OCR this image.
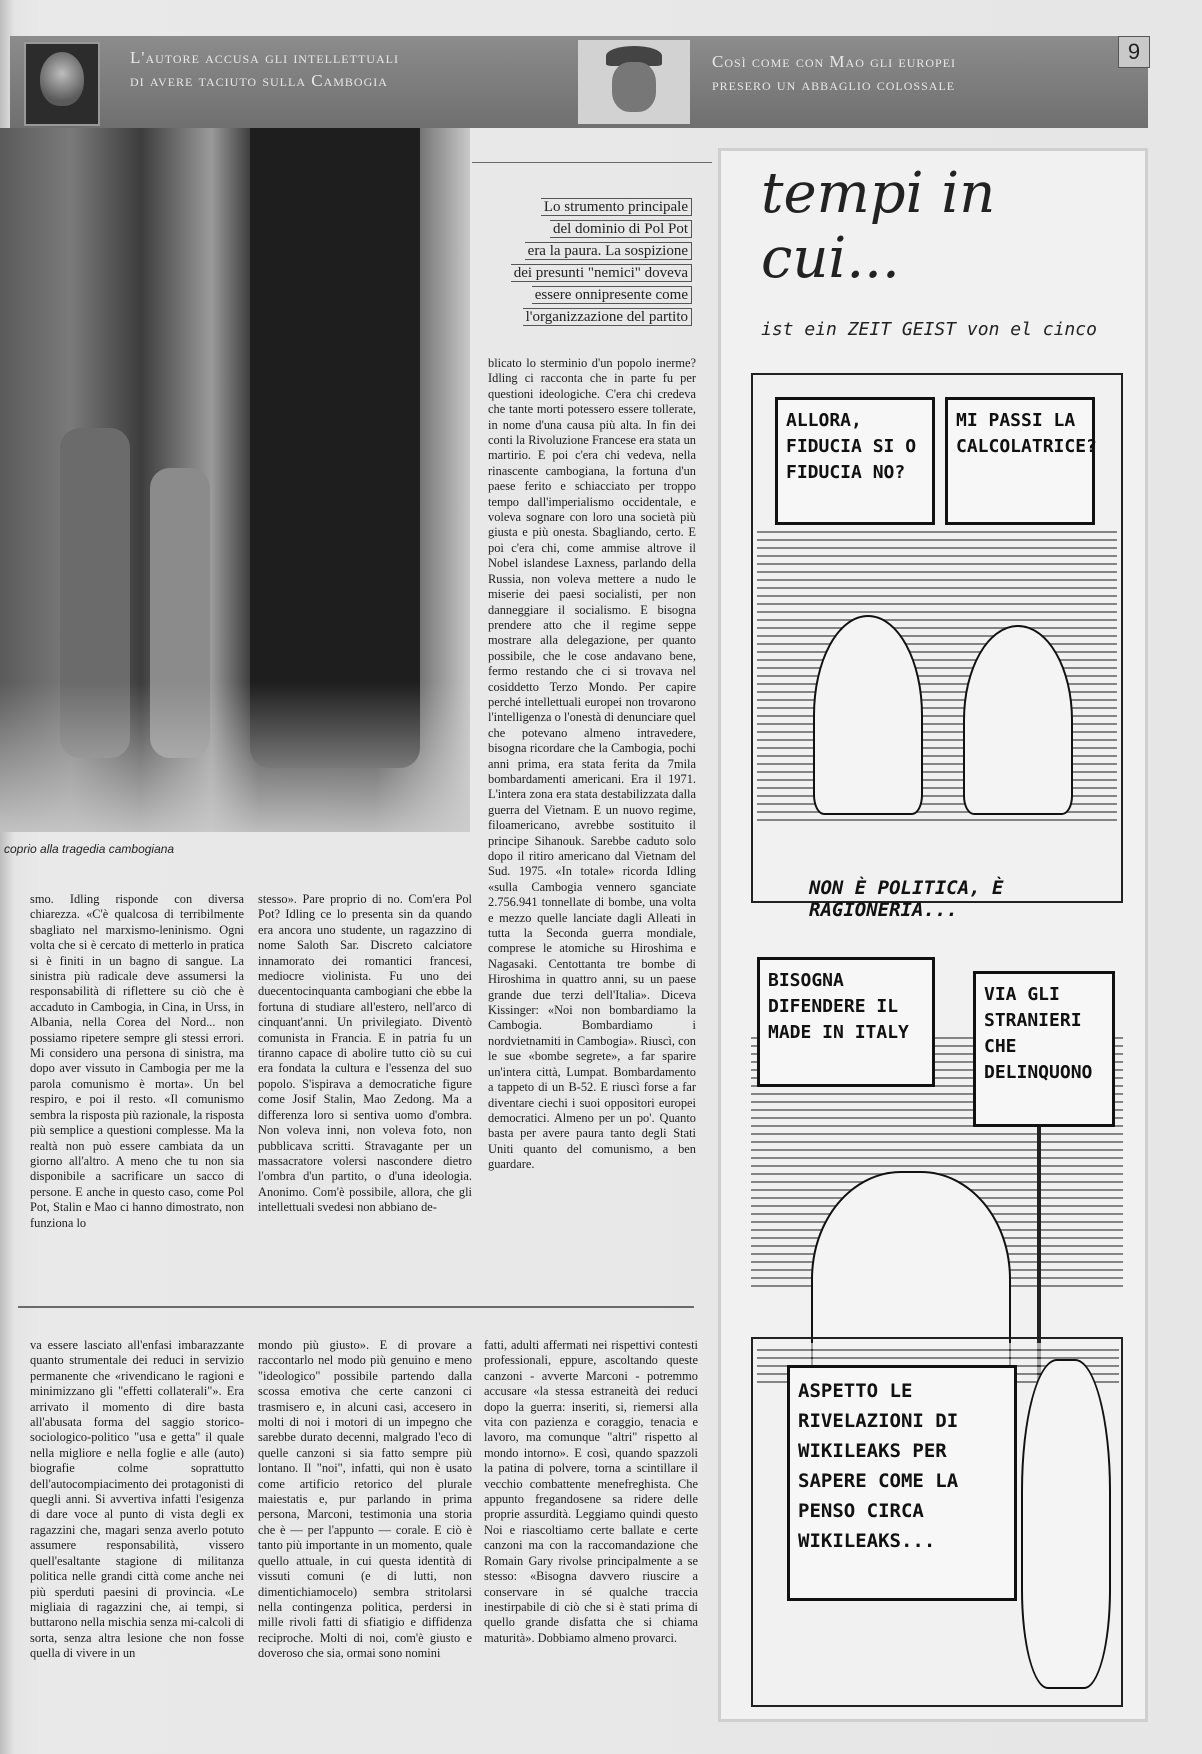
L'autore accusa gli intellettuali
di avere taciuto sulla Cambogia
Così come con Mao gli europei
presero un abbaglio colossale
9
coprio alla tragedia cambogiana
Lo strumento principale
del dominio di Pol Pot
era la paura. La sospizione
dei presunti "nemici" doveva
essere onnipresente come
l'organizzazione del partito
blicato lo sterminio d'un popolo inerme? Idling ci racconta che in parte fu per questioni ideologiche. C'era chi credeva che tante morti potessero essere tollerate, in nome d'una causa più alta. In fin dei conti la Rivoluzione Francese era stata un martirio. E poi c'era chi vedeva, nella rinascente cambogiana, la fortuna d'un paese ferito e schiacciato per troppo tempo dall'imperialismo occidentale, e voleva sognare con loro una società più giusta e più onesta. Sbagliando, certo. E poi c'era chi, come ammise altrove il Nobel islandese Laxness, parlando della Russia, non voleva mettere a nudo le miserie dei paesi socialisti, per non danneggiare il socialismo. E bisogna prendere atto che il regime seppe mostrare alla delegazione, per quanto possibile, che le cose andavano bene, fermo restando che ci si trovava nel cosiddetto Terzo Mondo. Per capire perché intellettuali europei non trovarono l'intelligenza o l'onestà di denunciare quel che potevano almeno intravedere, bisogna ricordare che la Cambogia, pochi anni prima, era stata ferita da 7mila bombardamenti americani. Era il 1971. L'intera zona era stata destabilizzata dalla guerra del Vietnam. E un nuovo regime, filoamericano, avrebbe sostituito il principe Sihanouk. Sarebbe caduto solo dopo il ritiro americano dal Vietnam del Sud. 1975. «In totale» ricorda Idling «sulla Cambogia vennero sganciate 2.756.941 tonnellate di bombe, una volta e mezzo quelle lanciate dagli Alleati in tutta la Seconda guerra mondiale, comprese le atomiche su Hiroshima e Nagasaki. Centottanta tre bombe di Hiroshima in quattro anni, su un paese grande due terzi dell'Italia». Diceva Kissinger: «Noi non bombardiamo la Cambogia. Bombardiamo i nordvietnamiti in Cambogia». Riuscì, con le sue «bombe segrete», a far sparire un'intera città, Lumpat. Bombardamento a tappeto di un B-52. E riuscì forse a far diventare ciechi i suoi oppositori europei democratici. Almeno per un po'. Quanto basta per avere paura tanto degli Stati Uniti quanto del comunismo, a ben guardare.
smo. Idling risponde con diversa chiarezza. «C'è qualcosa di terribilmente sbagliato nel marxismo-leninismo. Ogni volta che si è cercato di metterlo in pratica si è finiti in un bagno di sangue. La sinistra più radicale deve assumersi la responsabilità di riflettere su ciò che è accaduto in Cambogia, in Cina, in Urss, in Albania, nella Corea del Nord... non possiamo ripetere sempre gli stessi errori. Mi considero una persona di sinistra, ma dopo aver vissuto in Cambogia per me la parola comunismo è morta». Un bel respiro, e poi il resto. «Il comunismo sembra la risposta più razionale, la risposta più semplice a questioni complesse. Ma la realtà non può essere cambiata da un giorno all'altro. A meno che tu non sia disponibile a sacrificare un sacco di persone. E anche in questo caso, come Pol Pot, Stalin e Mao ci hanno dimostrato, non funziona lo
stesso». Pare proprio di no. Com'era Pol Pot? Idling ce lo presenta sin da quando era ancora uno studente, un ragazzino di nome Saloth Sar. Discreto calciatore innamorato dei romantici francesi, mediocre violinista. Fu uno dei duecentocinquanta cambogiani che ebbe la fortuna di studiare all'estero, nell'arco di cinquant'anni. Un privilegiato. Diventò comunista in Francia. E in patria fu un tiranno capace di abolire tutto ciò su cui era fondata la cultura e l'essenza del suo popolo. S'ispirava a democratiche figure come Josif Stalin, Mao Zedong. Ma a differenza loro si sentiva uomo d'ombra. Non voleva inni, non voleva foto, non pubblicava scritti. Stravagante per un massacratore volersi nascondere dietro l'ombra d'un partito, o d'una ideologia. Anonimo. Com'è possibile, allora, che gli intellettuali svedesi non abbiano de-
va essere lasciato all'enfasi imbarazzante quanto strumentale dei reduci in servizio permanente che «rivendicano le ragioni e minimizzano gli "effetti collaterali"». Era arrivato il momento di dire basta all'abusata forma del saggio storico-sociologico-politico "usa e getta" il quale nella migliore e nella foglie e alle (auto) biografie colme soprattutto dell'autocompiacimento dei protagonisti di quegli anni. Si avvertiva infatti l'esigenza di dare voce al punto di vista degli ex ragazzini che, magari senza averlo potuto assumere responsabilità, vissero quell'esaltante stagione di militanza politica nelle grandi città come anche nei più sperduti paesini di provincia. «Le migliaia di ragazzini che, ai tempi, si buttarono nella mischia senza mi-calcoli di sorta, senza altra lesione che non fosse quella di vivere in un
mondo più giusto». E di provare a raccontarlo nel modo più genuino e meno "ideologico" possibile partendo dalla scossa emotiva che certe canzoni ci trasmisero e, in alcuni casi, accesero in molti di noi i motori di un impegno che sarebbe durato decenni, malgrado l'eco di quelle canzoni si sia fatto sempre più lontano. Il "noi", infatti, qui non è usato come artificio retorico del plurale maiestatis e, pur parlando in prima persona, Marconi, testimonia una storia che è — per l'appunto — corale. E ciò è tanto più importante in un momento, quale quello attuale, in cui questa identità di vissuti comuni (e di lutti, non dimentichiamocelo) sembra stritolarsi nella contingenza politica, perdersi in mille rivoli fatti di sfiatigio e diffidenza reciproche. Molti di noi, com'è giusto e doveroso che sia, ormai sono nomini
fatti, adulti affermati nei rispettivi contesti professionali, eppure, ascoltando queste canzoni - avverte Marconi - potremmo accusare «la stessa estraneità dei reduci dopo la guerra: inseriti, si, riemersi alla vita con pazienza e coraggio, tenacia e lavoro, ma comunque "altri" rispetto al mondo intorno». E così, quando spazzoli la patina di polvere, torna a scintillare il vecchio combattente menefreghista. Che appunto fregandosene sa ridere delle proprie assurdità. Leggiamo quindi questo Noi e riascoltiamo certe ballate e certe canzoni ma con la raccomandazione che Romain Gary rivolse principalmente a se stesso: «Bisogna davvero riuscire a conservare in sé qualche traccia inestirpabile di ciò che si è stati prima di quello grande disfatta che si chiama maturità». Dobbiamo almeno provarci.
tempi in cui...
ist ein ZEIT GEIST von el cinco
ALLORA, FIDUCIA SI O FIDUCIA NO?
MI PASSI LA CALCOLATRICE?
NON È POLITICA, È RAGIONERIA...
BISOGNA DIFENDERE IL MADE IN ITALY
VIA GLI STRANIERI CHE DELINQUONO
ASPETTO LE RIVELAZIONI DI WIKILEAKS PER SAPERE COME LA PENSO CIRCA WIKILEAKS...
